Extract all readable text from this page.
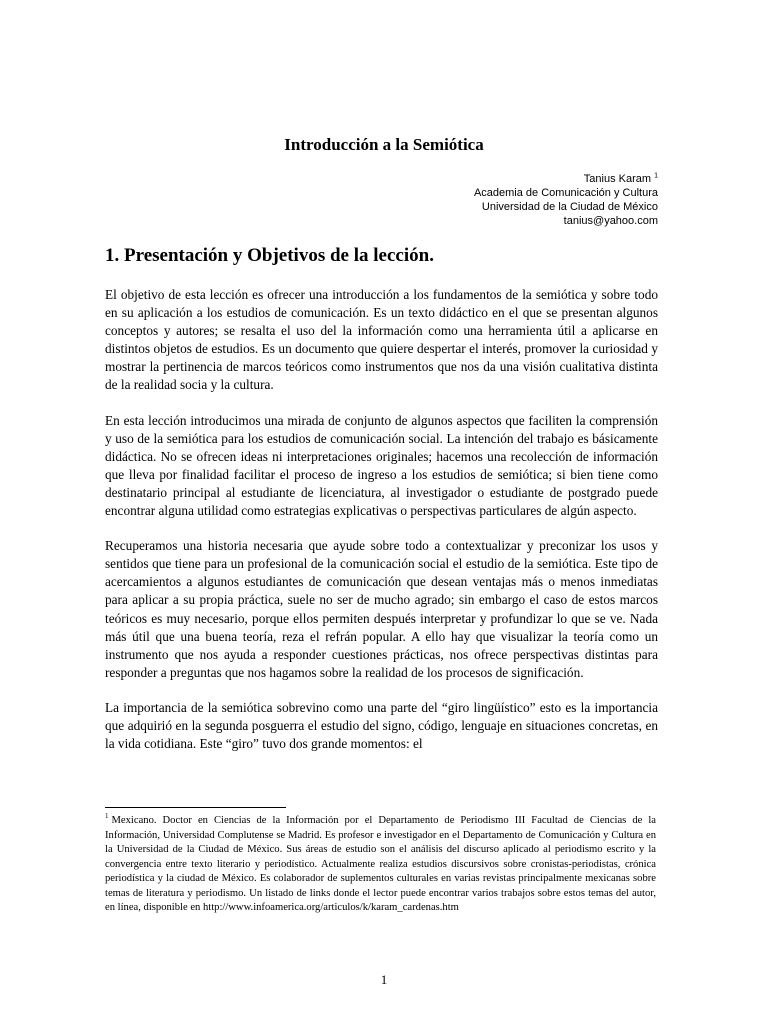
Introducción a la Semiótica
Tanius Karam $^1$
Academia de Comunicación y Cultura
Universidad de la Ciudad de México
tanius@yahoo.com
1. Presentación y Objetivos de la lección.

El objetivo de esta lección es ofrecer una introducción a los fundamentos de la semiótica y sobre todo en su aplicación a los estudios de comunicación. Es un texto didáctico en el que se presentan algunos conceptos y autores; se resalta el uso del la información como una herramienta útil a aplicarse en distintos objetos de estudios. Es un documento que quiere despertar el interés, promover la curiosidad y mostrar la pertinencia de marcos teóricos como instrumentos que nos da una visión cualitativa distinta de la realidad socia y la cultura.

En esta lección introducimos una mirada de conjunto de algunos aspectos que faciliten la comprensión y uso de la semiótica para los estudios de comunicación social. La intención del trabajo es básicamente didáctica. No se ofrecen ideas ni interpretaciones originales; hacemos una recolección de información que lleva por finalidad facilitar el proceso de ingreso a los estudios de semiótica; si bien tiene como destinatario principal al estudiante de licenciatura, al investigador o estudiante de postgrado puede encontrar alguna utilidad como estrategias explicativas o perspectivas particulares de algún aspecto.

Recuperamos una historia necesaria que ayude sobre todo a contextualizar y preconizar los usos y sentidos que tiene para un profesional de la comunicación social el estudio de la semiótica. Este tipo de acercamientos a algunos estudiantes de comunicación que desean ventajas más o menos inmediatas para aplicar a su propia práctica, suele no ser de mucho agrado; sin embargo el caso de estos marcos teóricos es muy necesario, porque ellos permiten después interpretar y profundizar lo que se ve. Nada más útil que una buena teoría, reza el refrán popular. A ello hay que visualizar la teoría como un instrumento que nos ayuda a responder cuestiones prácticas, nos ofrece perspectivas distintas para responder a preguntas que nos hagamos sobre la realidad de los procesos de significación.

La importancia de la semiótica sobrevino como una parte del “giro lingüístico” esto es la importancia que adquirió en la segunda posguerra el estudio del signo, código, lenguaje en situaciones concretas, en la vida cotidiana. Este “giro” tuvo dos grande momentos: el

$^1$ Mexicano. Doctor en Ciencias de la Información por el Departamento de Periodismo III Facultad de Ciencias de la Información, Universidad Complutense se Madrid. Es profesor e investigador en el Departamento de Comunicación y Cultura en la Universidad de la Ciudad de México. Sus áreas de estudio son el análisis del discurso aplicado al periodismo escrito y la convergencia entre texto literario y periodístico. Actualmente realiza estudios discursivos sobre cronistas-periodistas, crónica periodística y la ciudad de México. Es colaborador de suplementos culturales en varias revistas principalmente mexicanas sobre temas de literatura y periodismo. Un listado de links donde el lector puede encontrar varios trabajos sobre estos temas del autor, en línea, disponible en http://www.infoamerica.org/articulos/k/karam_cardenas.htm
1
